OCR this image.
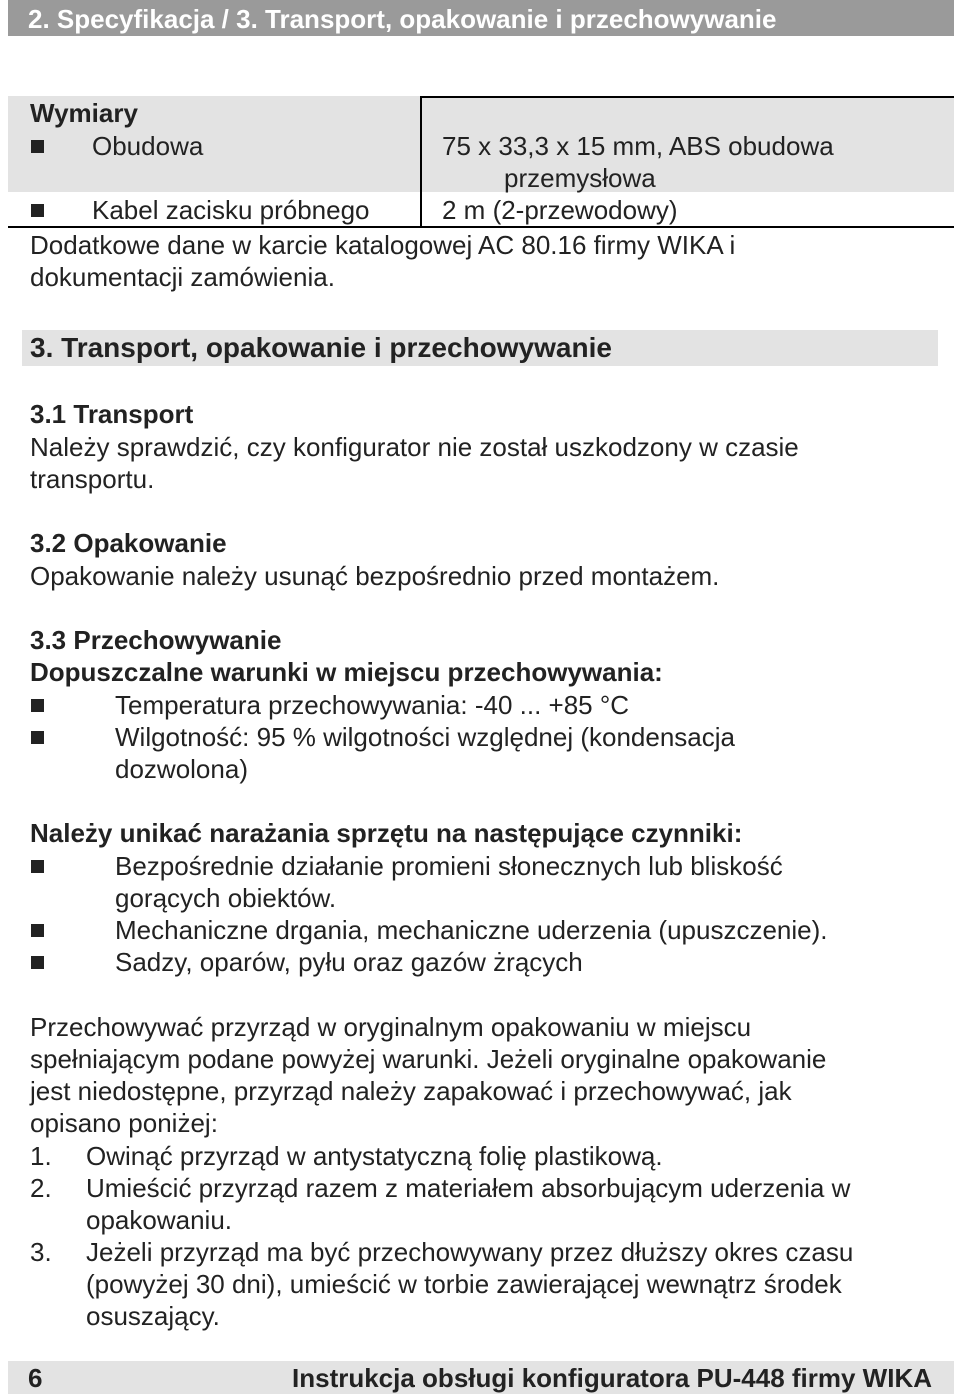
2. Specyfikacja / 3. Transport, opakowanie i przechowywanie
Wymiary
Obudowa	75 x 33,3 x 15 mm, ABS obudowa
przemysłowa
Kabel zacisku próbnego	2 m (2-przewodowy)
Dodatkowe dane w karcie katalogowej AC 80.16 firmy WIKA i
dokumentacji zamówienia.
3. Transport, opakowanie i przechowywanie
3.1 Transport
Należy sprawdzić, czy konfigurator nie został uszkodzony w czasie
transportu.
3.2 Opakowanie
Opakowanie należy usunąć bezpośrednio przed montażem.
3.3 Przechowywanie
Dopuszczalne warunki w miejscu przechowywania:
Temperatura przechowywania: -40 ... +85 °C
Wilgotność: 95 % wilgotności względnej (kondensacja
dozwolona)
Należy unikać narażania sprzętu na następujące czynniki:
Bezpośrednie działanie promieni słonecznych lub bliskość
gorących obiektów.
Mechaniczne drgania, mechaniczne uderzenia (upuszczenie).
Sadzy, oparów, pyłu oraz gazów żrących
Przechowywać przyrząd w oryginalnym opakowaniu w miejscu
spełniającym podane powyżej warunki. Jeżeli oryginalne opakowanie
jest niedostępne, przyrząd należy zapakować i przechowywać, jak
opisano poniżej:
1. Owinąć przyrząd w antystatyczną folię plastikową.
2. Umieścić przyrząd razem z materiałem absorbującym uderzenia w
opakowaniu.
3. Jeżeli przyrząd ma być przechowywany przez dłuższy okres czasu
(powyżej 30 dni), umieścić w torbie zawierającej wewnątrz środek
osuszający.
6	Instrukcja obsługi konfiguratora PU-448 firmy WIKA
